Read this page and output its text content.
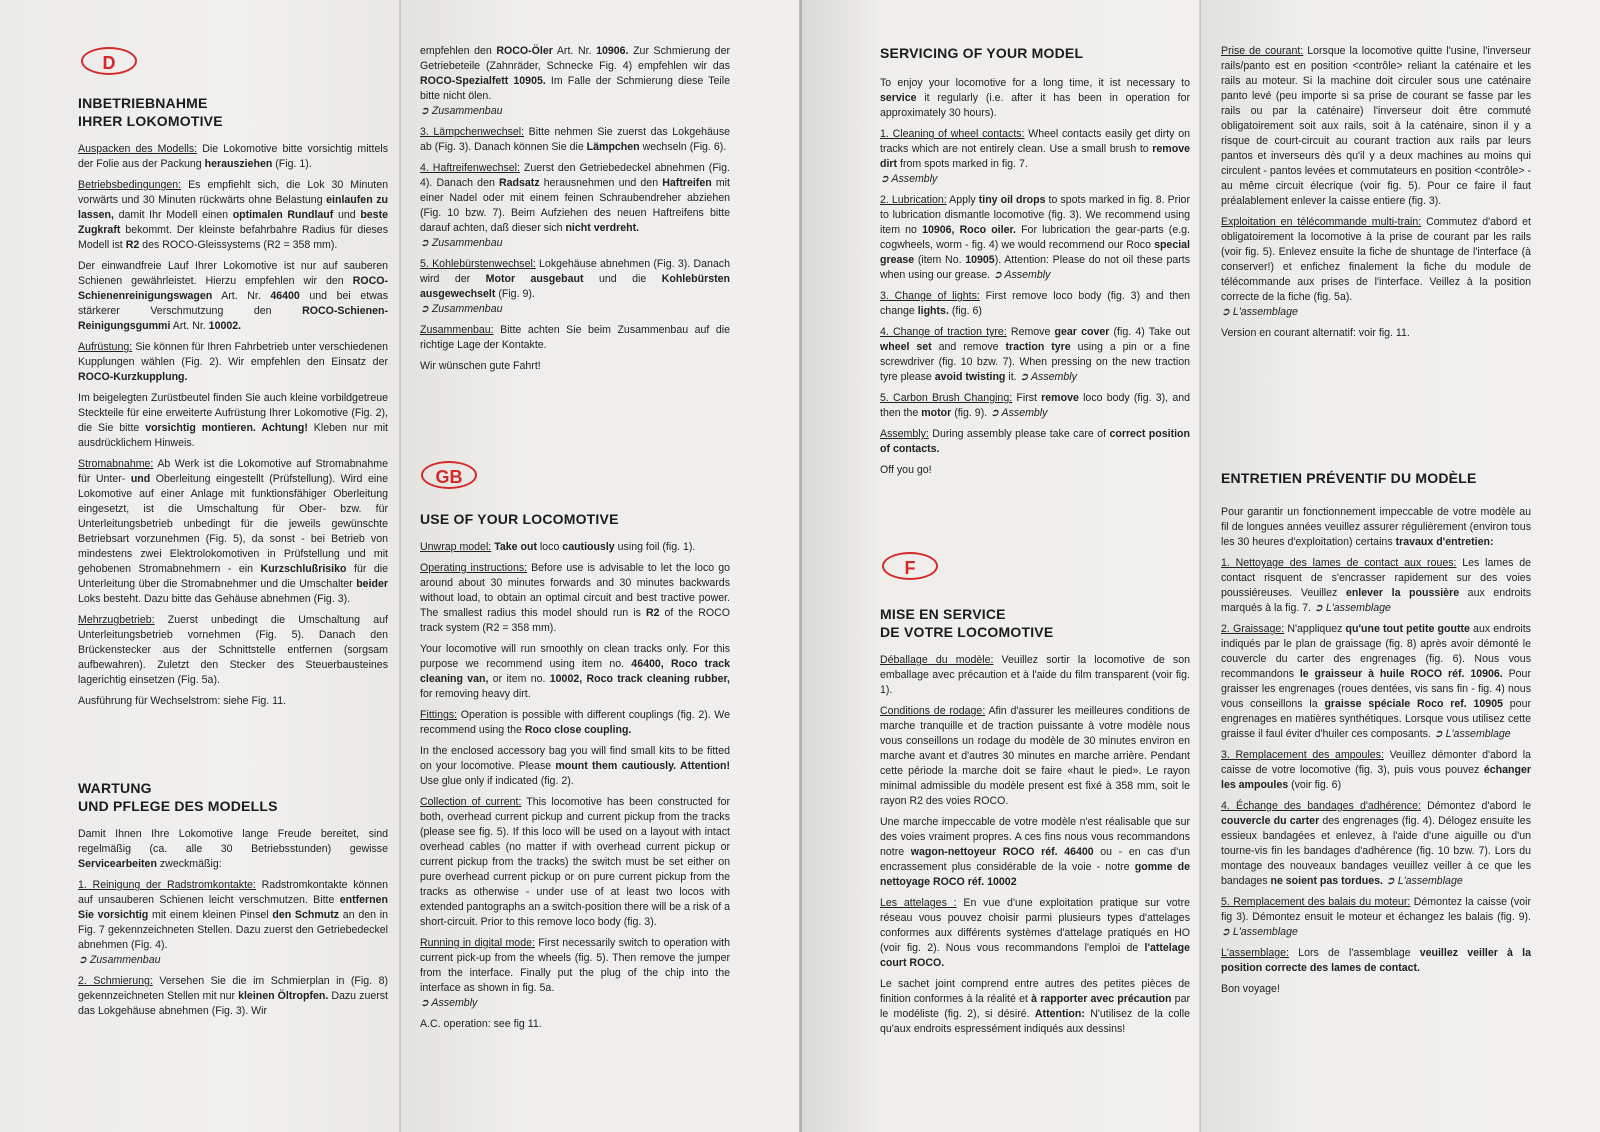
D
INBETRIEBNAHME
IHRER LOKOMOTIVE

Auspacken des Modells: Die Lokomotive bitte vorsichtig mittels der Folie aus der Packung herausziehen (Fig. 1).

Betriebsbedingungen: Es empfiehlt sich, die Lok 30 Minuten vorwärts und 30 Minuten rückwärts ohne Belastung einlaufen zu lassen, damit Ihr Modell einen optimalen Rundlauf und beste Zugkraft bekommt. Der kleinste befahrbahre Radius für dieses Modell ist R2 des ROCO-Gleissystems (R2 = 358 mm).

Der einwandfreie Lauf Ihrer Lokomotive ist nur auf sauberen Schienen gewährleistet. Hierzu empfehlen wir den ROCO-Schienenreinigungswagen Art. Nr. 46400 und bei etwas stärkerer Verschmutzung den ROCO-Schienen-Reinigungsgummi Art. Nr. 10002.

Aufrüstung: Sie können für Ihren Fahrbetrieb unter verschiedenen Kupplungen wählen (Fig. 2). Wir empfehlen den Einsatz der ROCO-Kurzkupplung.

Im beigelegten Zurüstbeutel finden Sie auch kleine vorbildgetreue Steckteile für eine erweiterte Aufrüstung Ihrer Lokomotive (Fig. 2), die Sie bitte vorsichtig montieren. Achtung! Kleben nur mit ausdrücklichem Hinweis.

Stromabnahme: Ab Werk ist die Lokomotive auf Stromabnahme für Unter- und Oberleitung eingestellt (Prüfstellung). Wird eine Lokomotive auf einer Anlage mit funktionsfähiger Oberleitung eingesetzt, ist die Umschaltung für Ober- bzw. für Unterleitungsbetrieb unbedingt für die jeweils gewünschte Betriebsart vorzunehmen (Fig. 5), da sonst - bei Betrieb von mindestens zwei Elektrolokomotiven in Prüfstellung und mit gehobenen Stromabnehmern - ein Kurzschlußrisiko für die Unterleitung über die Stromabnehmer und die Umschalter beider Loks besteht. Dazu bitte das Gehäuse abnehmen (Fig. 3).

Mehrzugbetrieb: Zuerst unbedingt die Umschaltung auf Unterleitungsbetrieb vornehmen (Fig. 5). Danach den Brückenstecker aus der Schnittstelle entfernen (sorgsam aufbewahren). Zuletzt den Stecker des Steuerbausteines lagerichtig einsetzen (Fig. 5a).

Ausführung für Wechselstrom: siehe Fig. 11.

WARTUNG
UND PFLEGE DES MODELLS

Damit Ihnen Ihre Lokomotive lange Freude bereitet, sind regelmäßig (ca. alle 30 Betriebsstunden) gewisse Servicearbeiten zweckmäßig:

1. Reinigung der Radstromkontakte: Radstromkontakte können auf unsauberen Schienen leicht verschmutzen. Bitte entfernen Sie vorsichtig mit einem kleinen Pinsel den Schmutz an den in Fig. 7 gekennzeichneten Stellen. Dazu zuerst den Getriebedeckel abnehmen (Fig. 4).
➲ Zusammenbau

2. Schmierung: Versehen Sie die im Schmierplan in (Fig. 8) gekennzeichneten Stellen mit nur kleinen Öltropfen. Dazu zuerst das Lokgehäuse abnehmen (Fig. 3). Wir

empfehlen den ROCO-Öler Art. Nr. 10906. Zur Schmierung der Getriebeteile (Zahnräder, Schnecke Fig. 4) empfehlen wir das ROCO-Spezialfett 10905. Im Falle der Schmierung diese Teile bitte nicht ölen.
➲ Zusammenbau

3. Lämpchenwechsel: Bitte nehmen Sie zuerst das Lokgehäuse ab (Fig. 3). Danach können Sie die Lämpchen wechseln (Fig. 6).

4. Haftreifenwechsel: Zuerst den Getriebedeckel abnehmen (Fig. 4). Danach den Radsatz herausnehmen und den Haftreifen mit einer Nadel oder mit einem feinen Schraubendreher abziehen (Fig. 10 bzw. 7). Beim Aufziehen des neuen Haftreifens bitte darauf achten, daß dieser sich nicht verdreht.
➲ Zusammenbau

5. Kohlebürstenwechsel: Lokgehäuse abnehmen (Fig. 3). Danach wird der Motor ausgebaut und die Kohlebürsten ausgewechselt (Fig. 9).
➲ Zusammenbau

Zusammenbau: Bitte achten Sie beim Zusammenbau auf die richtige Lage der Kontakte.

Wir wünschen gute Fahrt!

GB
USE OF YOUR LOCOMOTIVE

Unwrap model: Take out loco cautiously using foil (fig. 1).

Operating instructions: Before use is advisable to let the loco go around about 30 minutes forwards and 30 minutes backwards without load, to obtain an optimal circuit and best tractive power. The smallest radius this model should run is R2 of the ROCO track system (R2 = 358 mm).

Your locomotive will run smoothly on clean tracks only. For this purpose we recommend using item no. 46400, Roco track cleaning van, or item no. 10002, Roco track cleaning rubber, for removing heavy dirt.

Fittings: Operation is possible with different couplings (fig. 2). We recommend using the Roco close coupling.

In the enclosed accessory bag you will find small kits to be fitted on your locomotive. Please mount them cautiously. Attention! Use glue only if indicated (fig. 2).

Collection of current: This locomotive has been constructed for both, overhead current pickup and current pickup from the tracks (please see fig. 5). If this loco will be used on a layout with intact overhead cables (no matter if with overhead current pickup or current pickup from the tracks) the switch must be set either on pure overhead current pickup or on pure current pickup from the tracks as otherwise - under use of at least two locos with extended pantographs an a switch-position there will be a risk of a short-circuit. Prior to this remove loco body (fig. 3).

Running in digital mode: First necessarily switch to operation with current pick-up from the wheels (fig. 5). Then remove the jumper from the interface. Finally put the plug of the chip into the interface as shown in fig. 5a.
➲ Assembly

A.C. operation: see fig 11.

SERVICING OF YOUR MODEL

To enjoy your locomotive for a long time, it ist necessary to service it regularly (i.e. after it has been in operation for approximately 30 hours).

1. Cleaning of wheel contacts: Wheel contacts easily get dirty on tracks which are not entirely clean. Use a small brush to remove dirt from spots marked in fig. 7.
➲ Assembly

2. Lubrication: Apply tiny oil drops to spots marked in fig. 8. Prior to lubrication dismantle locomotive (fig. 3). We recommend using item no 10906, Roco oiler. For lubrication the gear-parts (e.g. cogwheels, worm - fig. 4) we would recommend our Roco special grease (item No. 10905). Attention: Please do not oil these parts when using our grease. ➲ Assembly

3. Change of lights: First remove loco body (fig. 3) and then change lights. (fig. 6)

4. Change of traction tyre: Remove gear cover (fig. 4) Take out wheel set and remove traction tyre using a pin or a fine screwdriver (fig. 10 bzw. 7). When pressing on the new traction tyre please avoid twisting it. ➲ Assembly

5. Carbon Brush Changing: First remove loco body (fig. 3), and then the motor (fig. 9). ➲ Assembly

Assembly: During assembly please take care of correct position of contacts.

Off you go!

F
MISE EN SERVICE
DE VOTRE LOCOMOTIVE

Déballage du modèle: Veuillez sortir la locomotive de son emballage avec précaution et à l'aide du film transparent (voir fig. 1).

Conditions de rodage: Afin d'assurer les meilleures conditions de marche tranquille et de traction puissante à votre modèle nous vous conseillons un rodage du modèle de 30 minutes environ en marche avant et d'autres 30 minutes en marche arrière. Pendant cette période la marche doit se faire «haut le pied». Le rayon minimal admissible du modèle present est fixé à 358 mm, soit le rayon R2 des voies ROCO.

Une marche impeccable de votre modèle n'est réalisable que sur des voies vraiment propres. A ces fins nous vous recommandons notre wagon-nettoyeur ROCO réf. 46400 ou - en cas d'un encrassement plus considérable de la voie - notre gomme de nettoyage ROCO réf. 10002

Les attelages : En vue d'une exploitation pratique sur votre réseau vous pouvez choisir parmi plusieurs types d'attelages conformes aux différents systèmes d'attelage pratiqués en HO (voir fig. 2). Nous vous recommandons l'emploi de l'attelage court ROCO.

Le sachet joint comprend entre autres des petites pièces de finition conformes à la réalité et à rapporter avec précaution par le modéliste (fig. 2), si désiré. Attention: N'utilisez de la colle qu'aux endroits espressément indiqués aux dessins!

Prise de courant: Lorsque la locomotive quitte l'usine, l'inverseur rails/panto est en position <contrôle> reliant la caténaire et les rails au moteur. Si la machine doit circuler sous une caténaire panto levé (peu importe si sa prise de courant se fasse par les rails ou par la caténaire) l'inverseur doit être commuté obligatoirement soit aux rails, soit à la caténaire, sinon il y a risque de court-circuit au courant traction aux rails par leurs pantos et inverseurs dès qu'il y a deux machines au moins qui circulent - pantos levées et commutateurs en position <contrôle> - au même circuit élecrique (voir fig. 5). Pour ce faire il faut préalablement enlever la caisse entiere (fig. 3).

Exploitation en télécommande multi-train: Commutez d'abord et obligatoirement la locomotive à la prise de courant par les rails (voir fig. 5). Enlevez ensuite la fiche de shuntage de l'interface (à conserver!) et enfichez finalement la fiche du module de télécommande aux prises de l'interface. Veillez à la position correcte de la fiche (fig. 5a).
➲ L'assemblage

Version en courant alternatif: voir fig. 11.

ENTRETIEN PRÉVENTIF DU MODÈLE

Pour garantir un fonctionnement impeccable de votre modèle au fil de longues années veuillez assurer régulièrement (environ tous les 30 heures d'exploitation) certains travaux d'entretien:

1. Nettoyage des lames de contact aux roues: Les lames de contact risquent de s'encrasser rapidement sur des voies poussiéreuses. Veuillez enlever la poussière aux endroits marqués à la fig. 7. ➲ L'assemblage

2. Graissage: N'appliquez qu'une tout petite goutte aux endroits indiqués par le plan de graissage (fig. 8) après avoir démonté le couvercle du carter des engrenages (fig. 6). Nous vous recommandons le graisseur à huile ROCO réf. 10906. Pour graisser les engrenages (roues dentées, vis sans fin - fig. 4) nous vous conseillons la graisse spéciale Roco ref. 10905 pour engrenages en matières synthétiques. Lorsque vous utilisez cette graisse il faul éviter d'huiler ces composants. ➲ L'assemblage

3. Remplacement des ampoules: Veuillez démonter d'abord la caisse de votre locomotive (fig. 3), puis vous pouvez échanger les ampoules (voir fig. 6)

4. Échange des bandages d'adhérence: Démontez d'abord le couvercle du carter des engrenages (fig. 4). Délogez ensuite les essieux bandagées et enlevez, à l'aide d'une aiguille ou d'un tourne-vis fin les bandages d'adhérence (fig. 10 bzw. 7). Lors du montage des nouveaux bandages veuillez veiller à ce que les bandages ne soient pas tordues. ➲ L'assemblage

5. Remplacement des balais du moteur: Démontez la caisse (voir fig 3). Démontez ensuit le moteur et échangez les balais (fig. 9). ➲ L'assemblage

L'assemblage: Lors de l'assemblage veuillez veiller à la position correcte des lames de contact.

Bon voyage!
